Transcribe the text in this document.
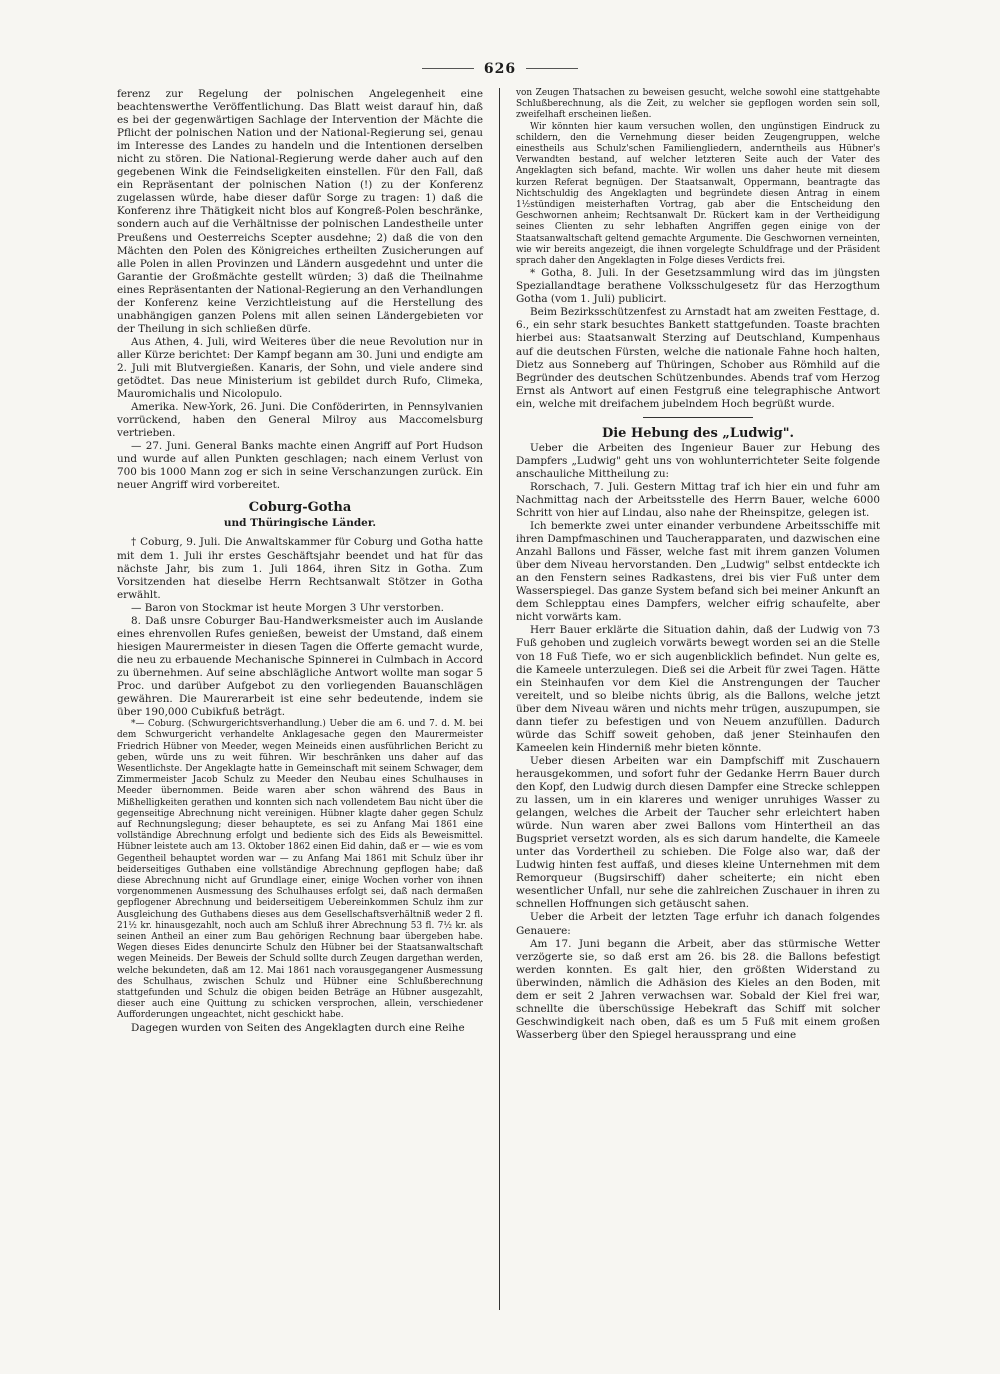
626

ferenz zur Regelung der polnischen Angelegenheit eine beachtenswerthe Veröffentlichung. Das Blatt weist darauf hin, daß es bei der gegenwärtigen Sachlage der Intervention der Mächte die Pflicht der polnischen Nation und der National-Regierung sei, genau im Interesse des Landes zu handeln und die Intentionen derselben nicht zu stören. Die National-Regierung werde daher auch auf den gegebenen Wink die Feindseligkeiten einstellen. Für den Fall, daß ein Repräsentant der polnischen Nation (!) zu der Konferenz zugelassen würde, habe dieser dafür Sorge zu tragen: 1) daß die Konferenz ihre Thätigkeit nicht blos auf Kongreß-Polen beschränke, sondern auch auf die Verhältnisse der polnischen Landestheile unter Preußens und Oesterreichs Scepter ausdehne; 2) daß die von den Mächten den Polen des Königreiches ertheilten Zusicherungen auf alle Polen in allen Provinzen und Ländern ausgedehnt und unter die Garantie der Großmächte gestellt würden; 3) daß die Theilnahme eines Repräsentanten der National-Regierung an den Verhandlungen der Konferenz keine Verzichtleistung auf die Herstellung des unabhängigen ganzen Polens mit allen seinen Ländergebieten vor der Theilung in sich schließen dürfe.

Aus Athen, 4. Juli, wird Weiteres über die neue Revolution nur in aller Kürze berichtet: Der Kampf begann am 30. Juni und endigte am 2. Juli mit Blutvergießen. Kanaris, der Sohn, und viele andere sind getödtet. Das neue Ministerium ist gebildet durch Rufo, Climeka, Mauromichalis und Nicolopulo.

Amerika. New-York, 26. Juni. Die Conföderirten, in Pennsylvanien vorrückend, haben den General Milroy aus Maccomelsburg vertrieben.

— 27. Juni. General Banks machte einen Angriff auf Port Hudson und wurde auf allen Punkten geschlagen; nach einem Verlust von 700 bis 1000 Mann zog er sich in seine Verschanzungen zurück. Ein neuer Angriff wird vorbereitet.

Coburg-Gotha
und Thüringische Länder.

† Coburg, 9. Juli. Die Anwaltskammer für Coburg und Gotha hatte mit dem 1. Juli ihr erstes Geschäftsjahr beendet und hat für das nächste Jahr, bis zum 1. Juli 1864, ihren Sitz in Gotha. Zum Vorsitzenden hat dieselbe Herrn Rechtsanwalt Stötzer in Gotha erwählt.

— Baron von Stockmar ist heute Morgen 3 Uhr verstorben.

8. Daß unsre Coburger Bau-Handwerksmeister auch im Auslande eines ehrenvollen Rufes genießen, beweist der Umstand, daß einem hiesigen Maurermeister in diesen Tagen die Offerte gemacht wurde, die neu zu erbauende Mechanische Spinnerei in Culmbach in Accord zu übernehmen. Auf seine abschlägliche Antwort wollte man sogar 5 Proc. und darüber Aufgebot zu den vorliegenden Bauanschlägen gewähren. Die Maurerarbeit ist eine sehr bedeutende, indem sie über 190,000 Cubikfuß beträgt.

*— Coburg. (Schwurgerichtsverhandlung.) Ueber die am 6. und 7. d. M. bei dem Schwurgericht verhandelte Anklagesache gegen den Maurermeister Friedrich Hübner von Meeder, wegen Meineids einen ausführlichen Bericht zu geben, würde uns zu weit führen. Wir beschränken uns daher auf das Wesentlichste. Der Angeklagte hatte in Gemeinschaft mit seinem Schwager, dem Zimmermeister Jacob Schulz zu Meeder den Neubau eines Schulhauses in Meeder übernommen. Beide waren aber schon während des Baus in Mißhelligkeiten gerathen und konnten sich nach vollendetem Bau nicht über die gegenseitige Abrechnung nicht vereinigen. Hübner klagte daher gegen Schulz auf Rechnungslegung; dieser behauptete, es sei zu Anfang Mai 1861 eine vollständige Abrechnung erfolgt und bediente sich des Eids als Beweismittel. Hübner leistete auch am 13. Oktober 1862 einen Eid dahin, daß er — wie es vom Gegentheil behauptet worden war — zu Anfang Mai 1861 mit Schulz über ihr beiderseitiges Guthaben eine vollständige Abrechnung gepflogen habe; daß diese Abrechnung nicht auf Grundlage einer, einige Wochen vorher von ihnen vorgenommenen Ausmessung des Schulhauses erfolgt sei, daß nach dermaßen gepflogener Abrechnung und beiderseitigem Uebereinkommen Schulz ihm zur Ausgleichung des Guthabens dieses aus dem Gesellschaftsverhältniß weder 2 fl. 21½ kr. hinausgezahlt, noch auch am Schluß ihrer Abrechnung 53 fl. 7½ kr. als seinen Antheil an einer zum Bau gehörigen Rechnung baar übergeben habe. Wegen dieses Eides denuncirte Schulz den Hübner bei der Staatsanwaltschaft wegen Meineids. Der Beweis der Schuld sollte durch Zeugen dargethan werden, welche bekundeten, daß am 12. Mai 1861 nach vorausgegangener Ausmessung des Schulhaus, zwischen Schulz und Hübner eine Schlußberechnung stattgefunden und Schulz die obigen beiden Beträge an Hübner ausgezahlt, dieser auch eine Quittung zu schicken versprochen, allein, verschiedener Aufforderungen ungeachtet, nicht geschickt habe.

Dagegen wurden von Seiten des Angeklagten durch eine Reihe

von Zeugen Thatsachen zu beweisen gesucht, welche sowohl eine stattgehabte Schlußberechnung, als die Zeit, zu welcher sie gepflogen worden sein soll, zweifelhaft erscheinen ließen.

Wir könnten hier kaum versuchen wollen, den ungünstigen Eindruck zu schildern, den die Vernehmung dieser beiden Zeugengruppen, welche einestheils aus Schulz'schen Familiengliedern, anderntheils aus Hübner's Verwandten bestand, auf welcher letzteren Seite auch der Vater des Angeklagten sich befand, machte. Wir wollen uns daher heute mit diesem kurzen Referat begnügen. Der Staatsanwalt, Oppermann, beantragte das Nichtschuldig des Angeklagten und begründete diesen Antrag in einem 1½stündigen meisterhaften Vortrag, gab aber die Entscheidung den Geschwornen anheim; Rechtsanwalt Dr. Rückert kam in der Vertheidigung seines Clienten zu sehr lebhaften Angriffen gegen einige von der Staatsanwaltschaft geltend gemachte Argumente. Die Geschwornen verneinten, wie wir bereits angezeigt, die ihnen vorgelegte Schuldfrage und der Präsident sprach daher den Angeklagten in Folge dieses Verdicts frei.

* Gotha, 8. Juli. In der Gesetzsammlung wird das im jüngsten Speziallandtage berathene Volksschulgesetz für das Herzogthum Gotha (vom 1. Juli) publicirt.

Beim Bezirksschützenfest zu Arnstadt hat am zweiten Festtage, d. 6., ein sehr stark besuchtes Bankett stattgefunden. Toaste brachten hierbei aus: Staatsanwalt Sterzing auf Deutschland, Kumpenhaus auf die deutschen Fürsten, welche die nationale Fahne hoch halten, Dietz aus Sonneberg auf Thüringen, Schober aus Römhild auf die Begründer des deutschen Schützenbundes. Abends traf vom Herzog Ernst als Antwort auf einen Festgruß eine telegraphische Antwort ein, welche mit dreifachem jubelndem Hoch begrüßt wurde.

Die Hebung des „Ludwig".

Ueber die Arbeiten des Ingenieur Bauer zur Hebung des Dampfers „Ludwig" geht uns von wohlunterrichteter Seite folgende anschauliche Mittheilung zu:

Rorschach, 7. Juli. Gestern Mittag traf ich hier ein und fuhr am Nachmittag nach der Arbeitsstelle des Herrn Bauer, welche 6000 Schritt von hier auf Lindau, also nahe der Rheinspitze, gelegen ist.

Ich bemerkte zwei unter einander verbundene Arbeitsschiffe mit ihren Dampfmaschinen und Taucherapparaten, und dazwischen eine Anzahl Ballons und Fässer, welche fast mit ihrem ganzen Volumen über dem Niveau hervorstanden. Den „Ludwig" selbst entdeckte ich an den Fenstern seines Radkastens, drei bis vier Fuß unter dem Wasserspiegel. Das ganze System befand sich bei meiner Ankunft an dem Schlepptau eines Dampfers, welcher eifrig schaufelte, aber nicht vorwärts kam.

Herr Bauer erklärte die Situation dahin, daß der Ludwig von 73 Fuß gehoben und zugleich vorwärts bewegt worden sei an die Stelle von 18 Fuß Tiefe, wo er sich augenblicklich befindet. Nun gelte es, die Kameele unterzulegen. Dieß sei die Arbeit für zwei Tagen. Hätte ein Steinhaufen vor dem Kiel die Anstrengungen der Taucher vereitelt, und so bleibe nichts übrig, als die Ballons, welche jetzt über dem Niveau wären und nichts mehr trügen, auszupumpen, sie dann tiefer zu befestigen und von Neuem anzufüllen. Dadurch würde das Schiff soweit gehoben, daß jener Steinhaufen den Kameelen kein Hinderniß mehr bieten könnte.

Ueber diesen Arbeiten war ein Dampfschiff mit Zuschauern herausgekommen, und sofort fuhr der Gedanke Herrn Bauer durch den Kopf, den Ludwig durch diesen Dampfer eine Strecke schleppen zu lassen, um in ein klareres und weniger unruhiges Wasser zu gelangen, welches die Arbeit der Taucher sehr erleichtert haben würde. Nun waren aber zwei Ballons vom Hintertheil an das Bugspriet versetzt worden, als es sich darum handelte, die Kameele unter das Vordertheil zu schieben. Die Folge also war, daß der Ludwig hinten fest auffaß, und dieses kleine Unternehmen mit dem Remorqueur (Bugsirschiff) daher scheiterte; ein nicht eben wesentlicher Unfall, nur sehe die zahlreichen Zuschauer in ihren zu schnellen Hoffnungen sich getäuscht sahen.

Ueber die Arbeit der letzten Tage erfuhr ich danach folgendes Genauere:

Am 17. Juni begann die Arbeit, aber das stürmische Wetter verzögerte sie, so daß erst am 26. bis 28. die Ballons befestigt werden konnten. Es galt hier, den größten Widerstand zu überwinden, nämlich die Adhäsion des Kieles an den Boden, mit dem er seit 2 Jahren verwachsen war. Sobald der Kiel frei war, schnellte die überschüssige Hebekraft das Schiff mit solcher Geschwindigkeit nach oben, daß es um 5 Fuß mit einem großen Wasserberg über den Spiegel heraussprang und eine
